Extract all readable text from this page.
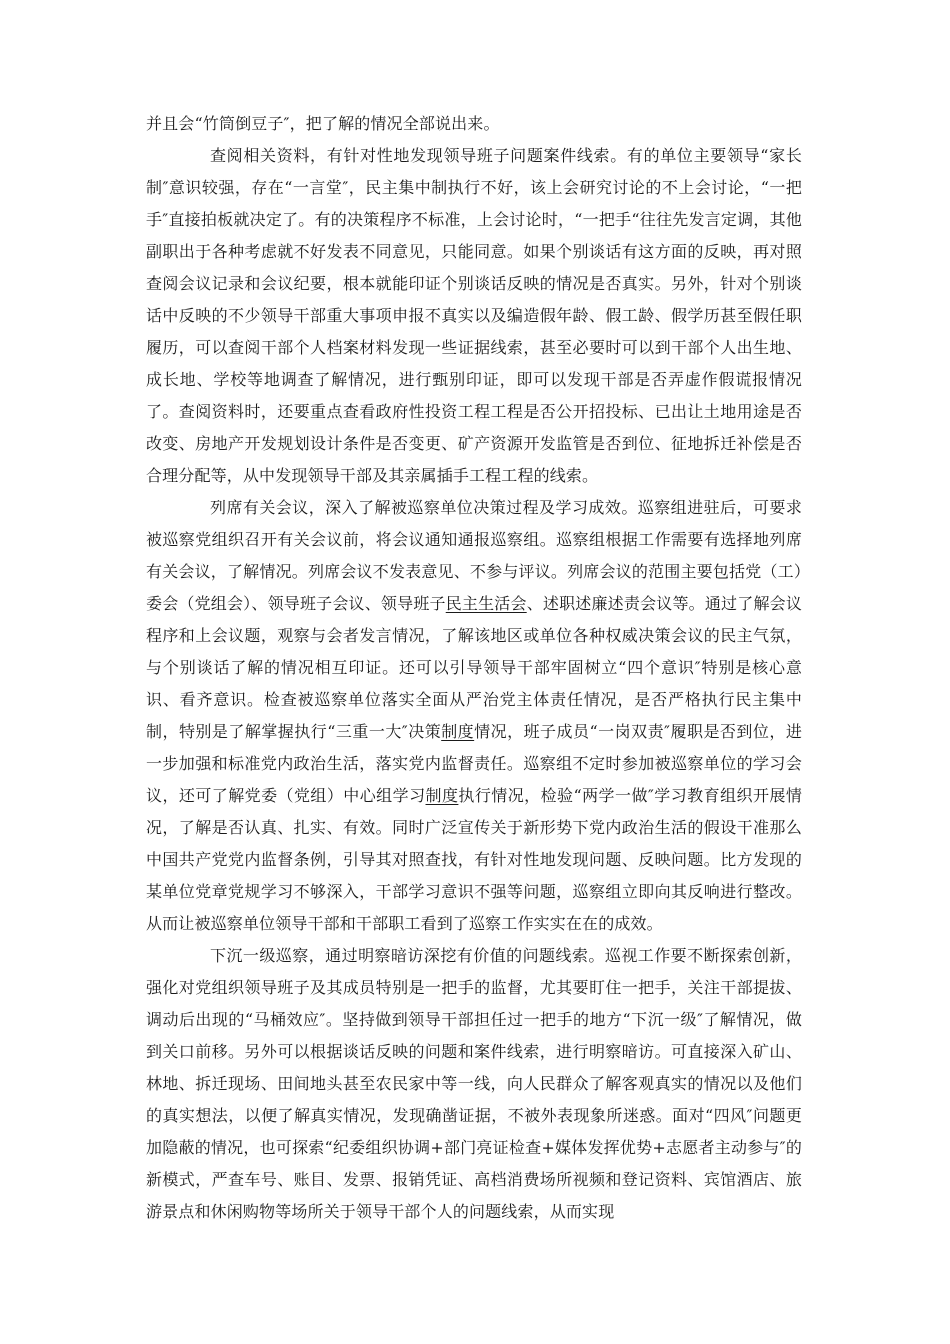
并且会“竹筒倒豆子″，把了解的情况全部说出来。

查阅相关资料，有针对性地发现领导班子问题案件线索。有的单位主要领导“家长制″意识较强，存在“一言堂″，民主集中制执行不好，该上会研究讨论的不上会讨论，“一把手″直接拍板就决定了。有的决策程序不标准，上会讨论时，“一把手“往往先发言定调，其他副职出于各种考虑就不好发表不同意见，只能同意。如果个别谈话有这方面的反映，再对照查阅会议记录和会议纪要，根本就能印证个别谈话反映的情况是否真实。另外，针对个别谈话中反映的不少领导干部重大事项申报不真实以及编造假年龄、假工龄、假学历甚至假任职履历，可以查阅干部个人档案材料发现一些证据线索，甚至必要时可以到干部个人出生地、成长地、学校等地调查了解情况，进行甄别印证，即可以发现干部是否弄虚作假谎报情况了。查阅资料时，还要重点查看政府性投资工程工程是否公开招投标、已出让土地用途是否改变、房地产开发规划设计条件是否变更、矿产资源开发监管是否到位、征地拆迁补偿是否合理分配等，从中发现领导干部及其亲属插手工程工程的线索。

列席有关会议，深入了解被巡察单位决策过程及学习成效。巡察组进驻后，可要求被巡察党组织召开有关会议前，将会议通知通报巡察组。巡察组根据工作需要有选择地列席有关会议，了解情况。列席会议不发表意见、不参与评议。列席会议的范围主要包括党（工）委会（党组会）、领导班子会议、领导班子民主生活会、述职述廉述责会议等。通过了解会议程序和上会议题，观察与会者发言情况，了解该地区或单位各种权威决策会议的民主气氛，与个别谈话了解的情况相互印证。还可以引导领导干部牢固树立“四个意识″特别是核心意识、看齐意识。检查被巡察单位落实全面从严治党主体责任情况，是否严格执行民主集中制，特别是了解掌握执行“三重一大″决策制度情况，班子成员“一岗双责″履职是否到位，进一步加强和标准党内政治生活，落实党内监督责任。巡察组不定时参加被巡察单位的学习会议，还可了解党委（党组）中心组学习制度执行情况，检验“两学一做″学习教育组织开展情况，了解是否认真、扎实、有效。同时广泛宣传关于新形势下党内政治生活的假设干准那么中国共产党党内监督条例，引导其对照查找，有针对性地发现问题、反映问题。比方发现的某单位党章党规学习不够深入，干部学习意识不强等问题，巡察组立即向其反响进行整改。从而让被巡察单位领导干部和干部职工看到了巡察工作实实在在的成效。

下沉一级巡察，通过明察暗访深挖有价值的问题线索。巡视工作要不断探索创新，强化对党组织领导班子及其成员特别是一把手的监督，尤其要盯住一把手，关注干部提拔、调动后出现的“马桶效应″。坚持做到领导干部担任过一把手的地方“下沉一级″了解情况，做到关口前移。另外可以根据谈话反映的问题和案件线索，进行明察暗访。可直接深入矿山、林地、拆迁现场、田间地头甚至农民家中等一线，向人民群众了解客观真实的情况以及他们的真实想法，以便了解真实情况，发现确凿证据，不被外表现象所迷惑。面对“四风″问题更加隐蔽的情况，也可探索“纪委组织协调+部门亮证检查+媒体发挥优势+志愿者主动参与″的新模式，严查车号、账目、发票、报销凭证、高档消费场所视频和登记资料、宾馆酒店、旅游景点和休闲购物等场所关于领导干部个人的问题线索，从而实现
